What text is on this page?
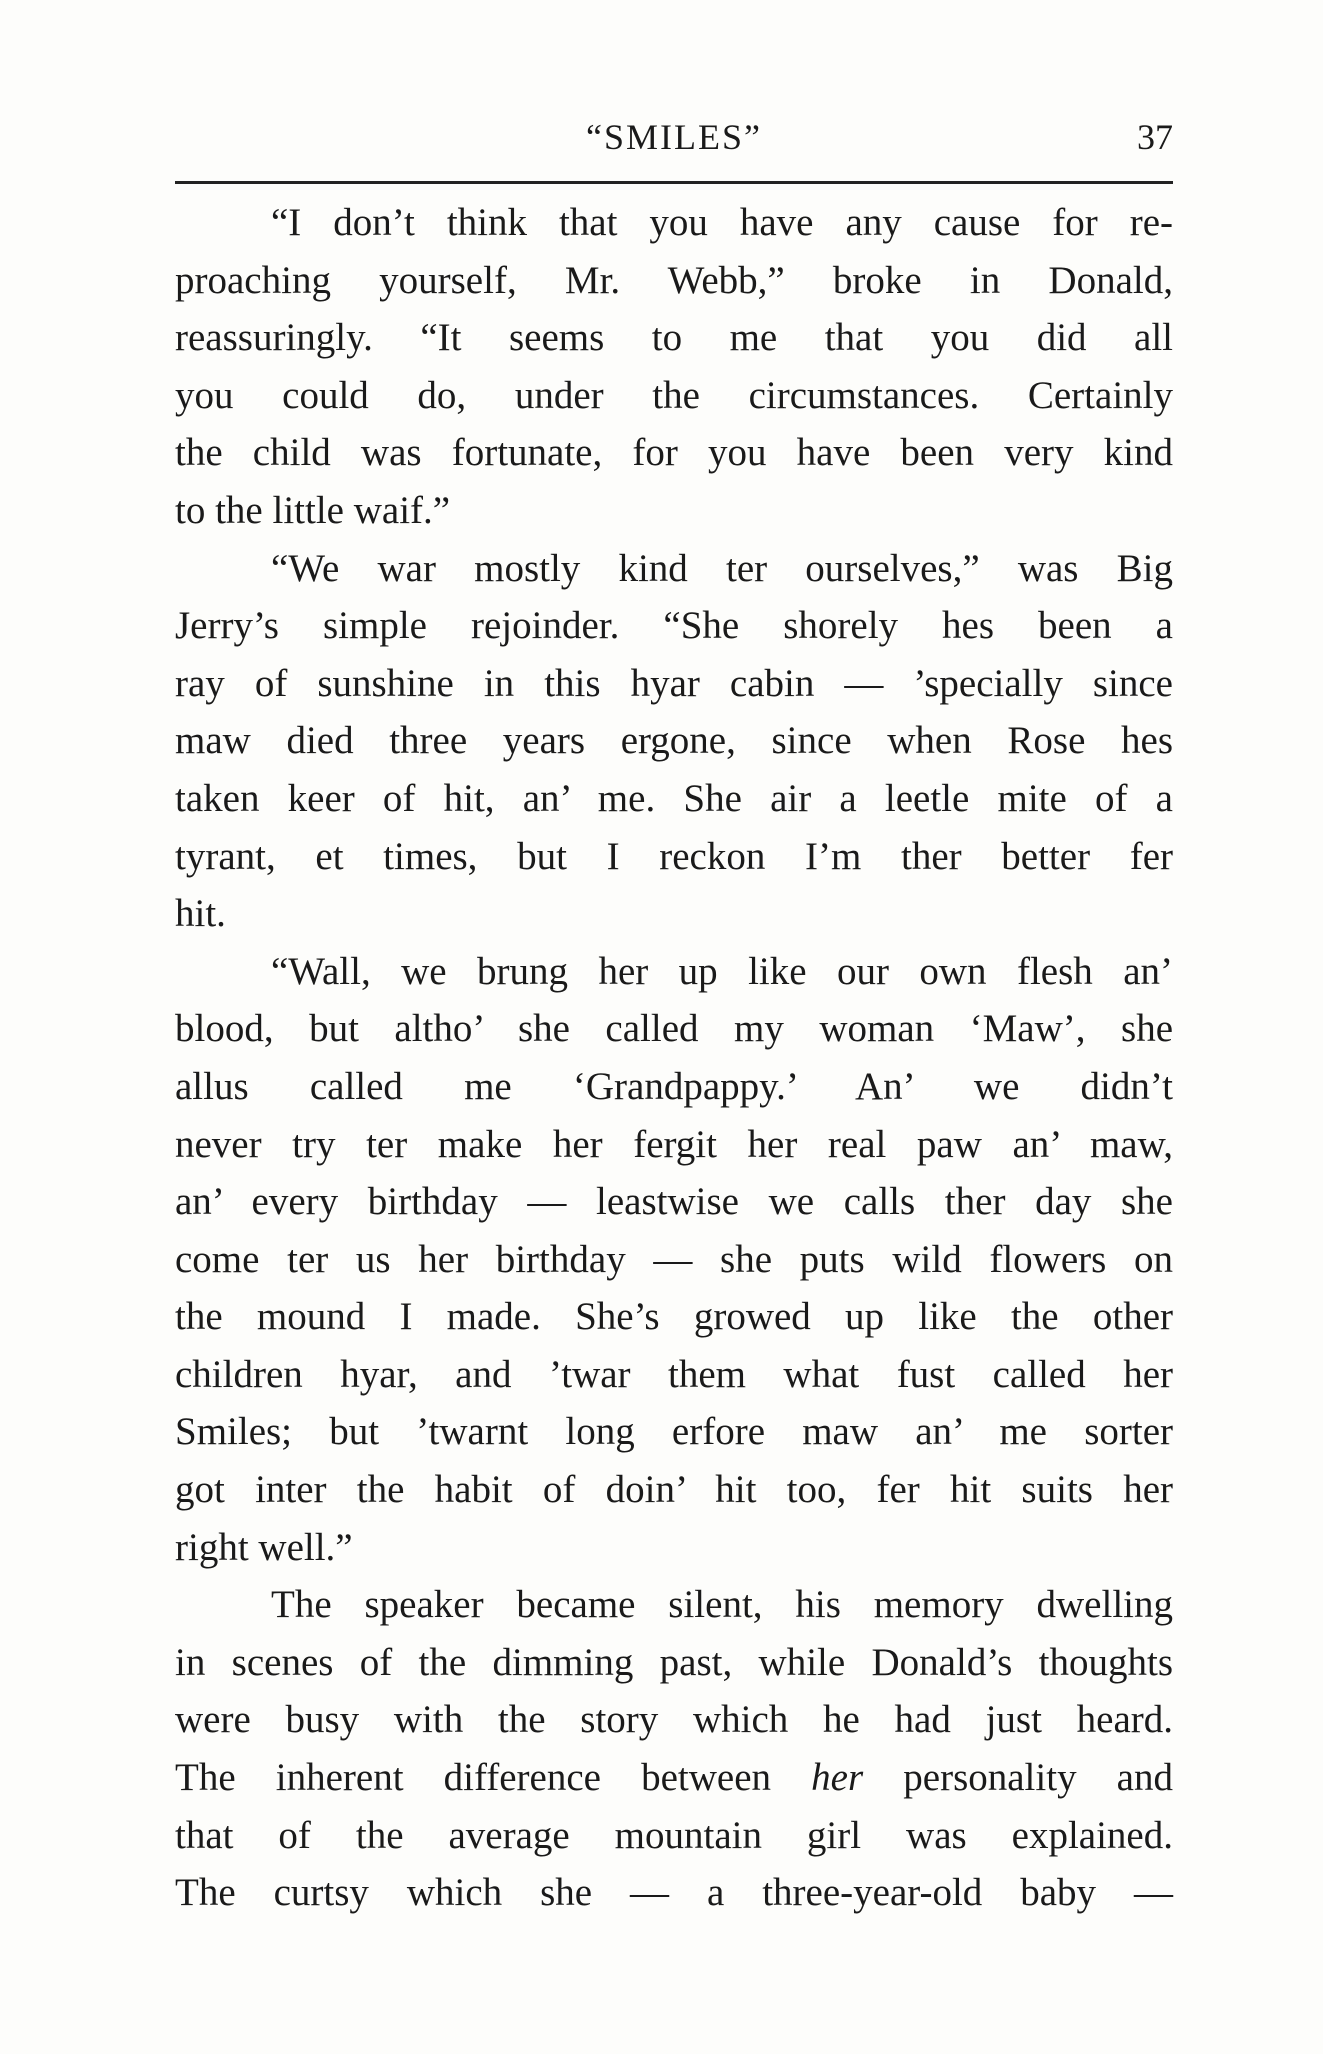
“SMILES”	37

“I don’t think that you have any cause for re-
proaching yourself, Mr. Webb,” broke in Donald,
reassuringly. “It seems to me that you did all
you could do, under the circumstances. Certainly
the child was fortunate, for you have been very kind
to the little waif.”

“We war mostly kind ter ourselves,” was Big
Jerry’s simple rejoinder. “She shorely hes been a
ray of sunshine in this hyar cabin — ’specially since
maw died three years ergone, since when Rose hes
taken keer of hit, an’ me. She air a leetle mite of a
tyrant, et times, but I reckon I’m ther better fer
hit.

“Wall, we brung her up like our own flesh an’
blood, but altho’ she called my woman ‘Maw’, she
allus called me ‘Grandpappy.’ An’ we didn’t
never try ter make her fergit her real paw an’ maw,
an’ every birthday — leastwise we calls ther day she
come ter us her birthday — she puts wild flowers on
the mound I made. She’s growed up like the other
children hyar, and ’twar them what fust called her
Smiles; but ’twarnt long erfore maw an’ me sorter
got inter the habit of doin’ hit too, fer hit suits her
right well.”

The speaker became silent, his memory dwelling
in scenes of the dimming past, while Donald’s thoughts
were busy with the story which he had just heard.
The inherent difference between her personality and
that of the average mountain girl was explained.
The curtsy which she — a three-year-old baby —
